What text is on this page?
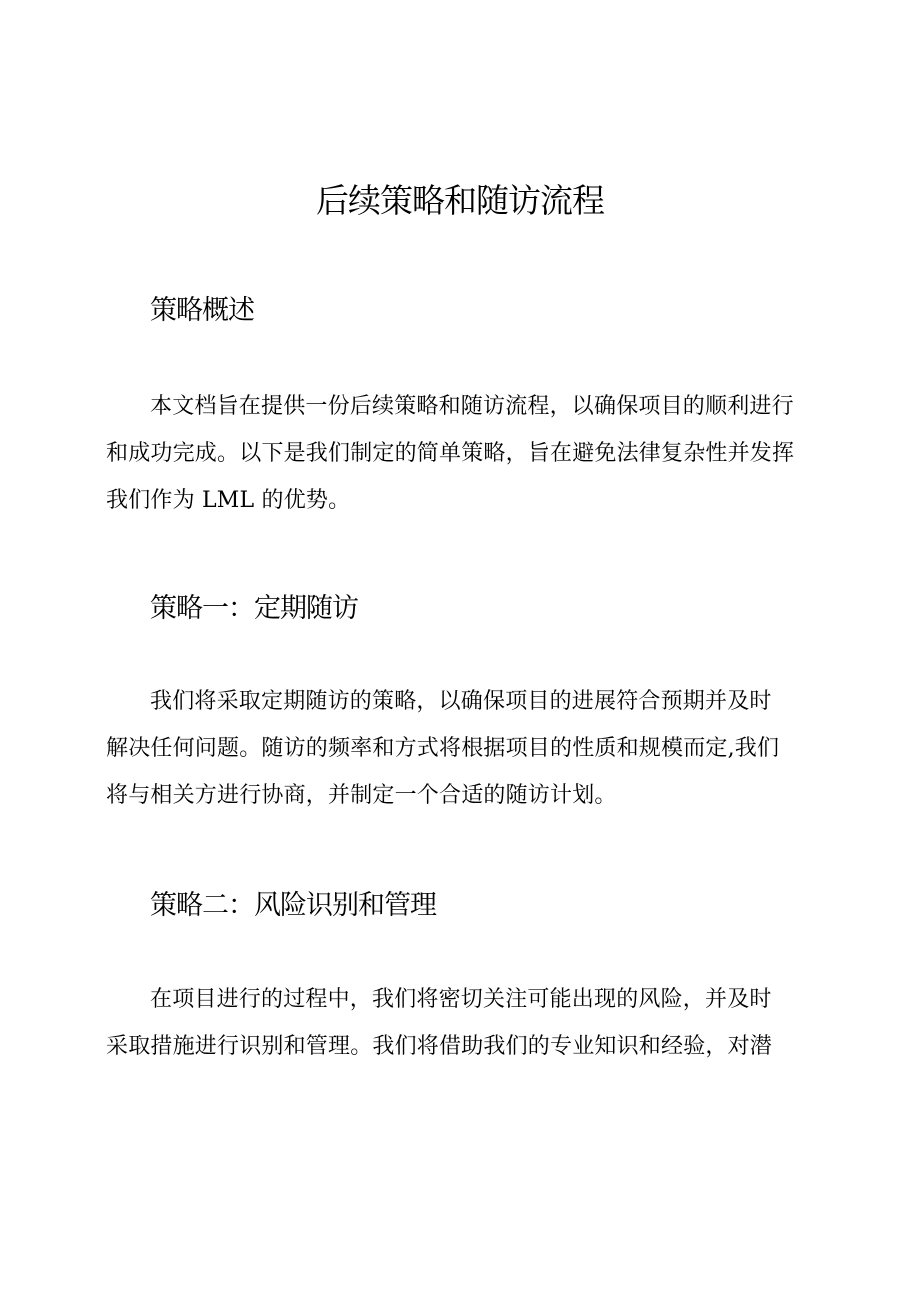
后续策略和随访流程
策略概述

本文档旨在提供一份后续策略和随访流程，以确保项目的顺利进行
和成功完成。以下是我们制定的简单策略，旨在避免法律复杂性并发挥
我们作为 LML 的优势。

策略一：定期随访

我们将采取定期随访的策略，以确保项目的进展符合预期并及时
解决任何问题。随访的频率和方式将根据项目的性质和规模而定,我们
将与相关方进行协商，并制定一个合适的随访计划。

策略二：风险识别和管理

在项目进行的过程中，我们将密切关注可能出现的风险，并及时
采取措施进行识别和管理。我们将借助我们的专业知识和经验，对潜
